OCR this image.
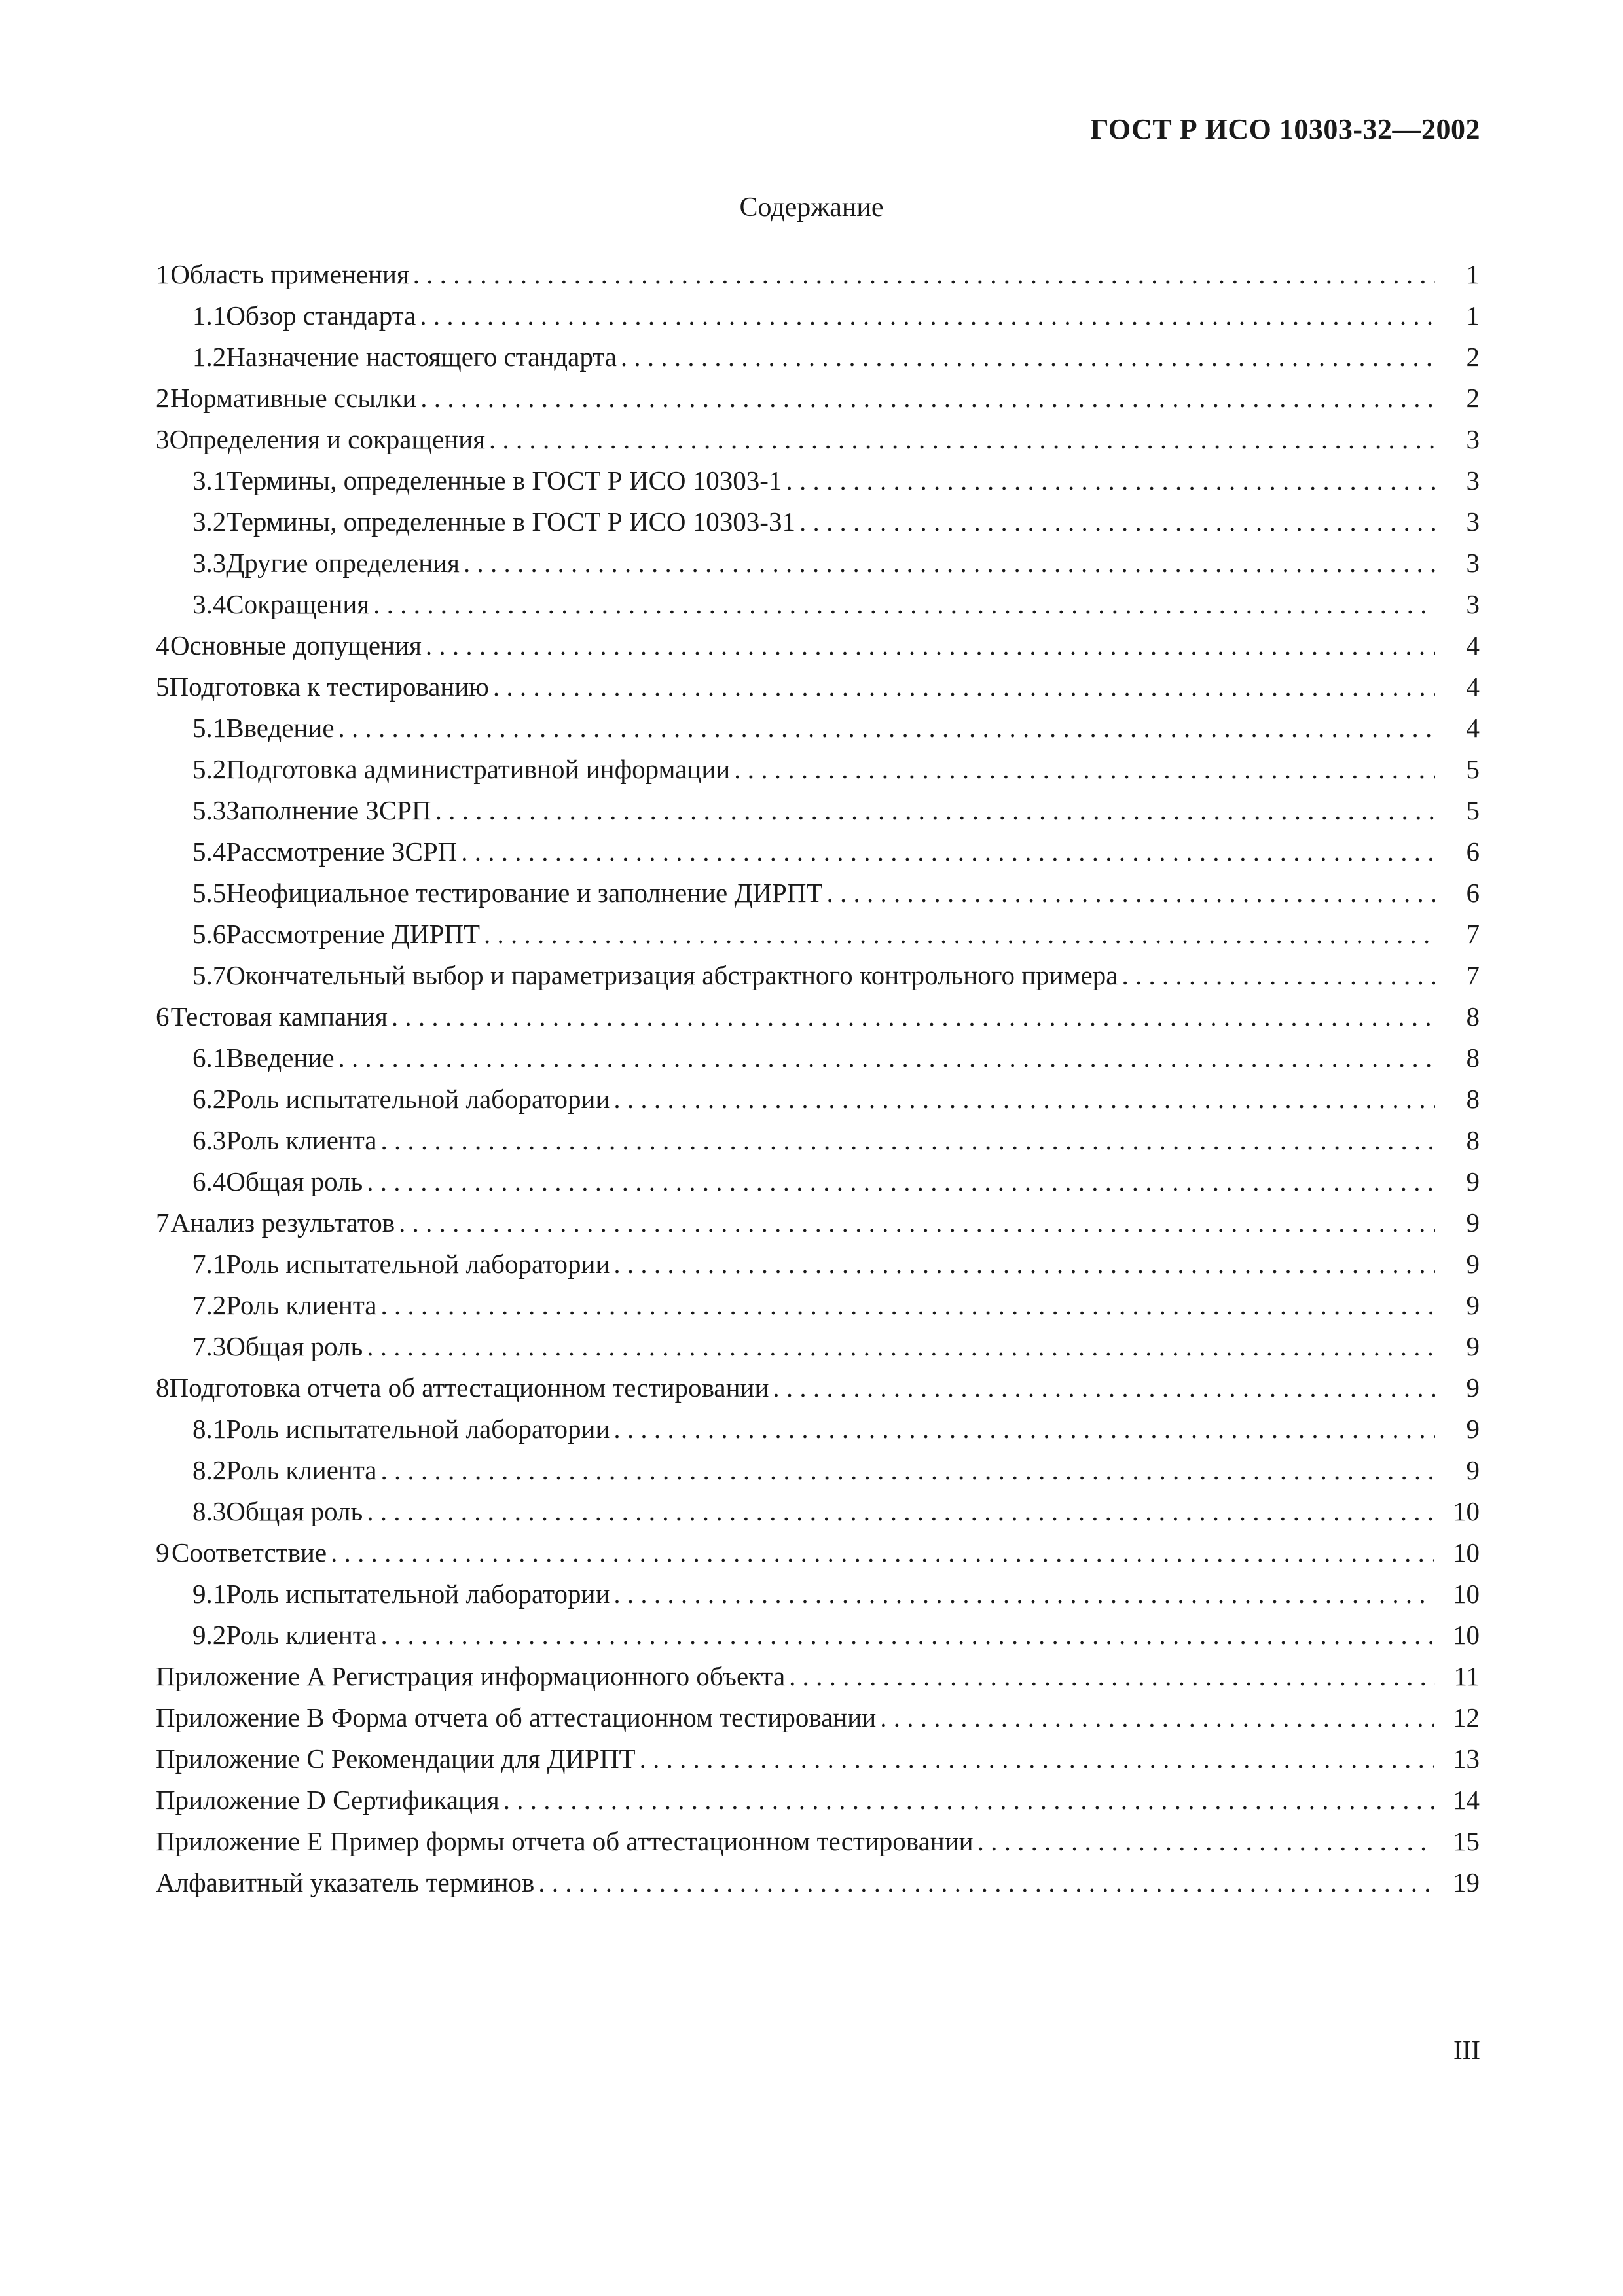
ГОСТ Р ИСО 10303-32—2002
Содержание
1 Область применения . . .	1
1.1 Обзор стандарта . . .	1
1.2 Назначение настоящего стандарта . . .	2
2 Нормативные ссылки . . .	2
3 Определения и сокращения . . .	3
3.1 Термины, определенные в ГОСТ Р ИСО 10303-1 . . .	3
3.2 Термины, определенные в ГОСТ Р ИСО 10303-31 . . .	3
3.3 Другие определения . . .	3
3.4 Сокращения . . .	3
4 Основные допущения . . .	4
5 Подготовка к тестированию . . .	4
5.1 Введение . . .	4
5.2 Подготовка административной информации . . .	5
5.3 Заполнение ЗСРП . . .	5
5.4 Рассмотрение ЗСРП . . .	6
5.5 Неофициальное тестирование и заполнение ДИРПТ . . .	6
5.6 Рассмотрение ДИРПТ . . .	7
5.7 Окончательный выбор и параметризация абстрактного контрольного примера . . .	7
6 Тестовая кампания . . .	8
6.1 Введение . . .	8
6.2 Роль испытательной лаборатории . . .	8
6.3 Роль клиента . . .	8
6.4 Общая роль . . .	9
7 Анализ результатов . . .	9
7.1 Роль испытательной лаборатории . . .	9
7.2 Роль клиента . . .	9
7.3 Общая роль . . .	9
8 Подготовка отчета об аттестационном тестировании . . .	9
8.1 Роль испытательной лаборатории . . .	9
8.2 Роль клиента . . .	9
8.3 Общая роль . . .	10
9 Соответствие . . .	10
9.1 Роль испытательной лаборатории . . .	10
9.2 Роль клиента . . .	10
Приложение A Регистрация информационного объекта . . .	11
Приложение B Форма отчета об аттестационном тестировании . . .	12
Приложение C Рекомендации для ДИРПТ . . .	13
Приложение D Сертификация . . .	14
Приложение E Пример формы отчета об аттестационном тестировании . . .	15
Алфавитный указатель терминов . . .	19
III
